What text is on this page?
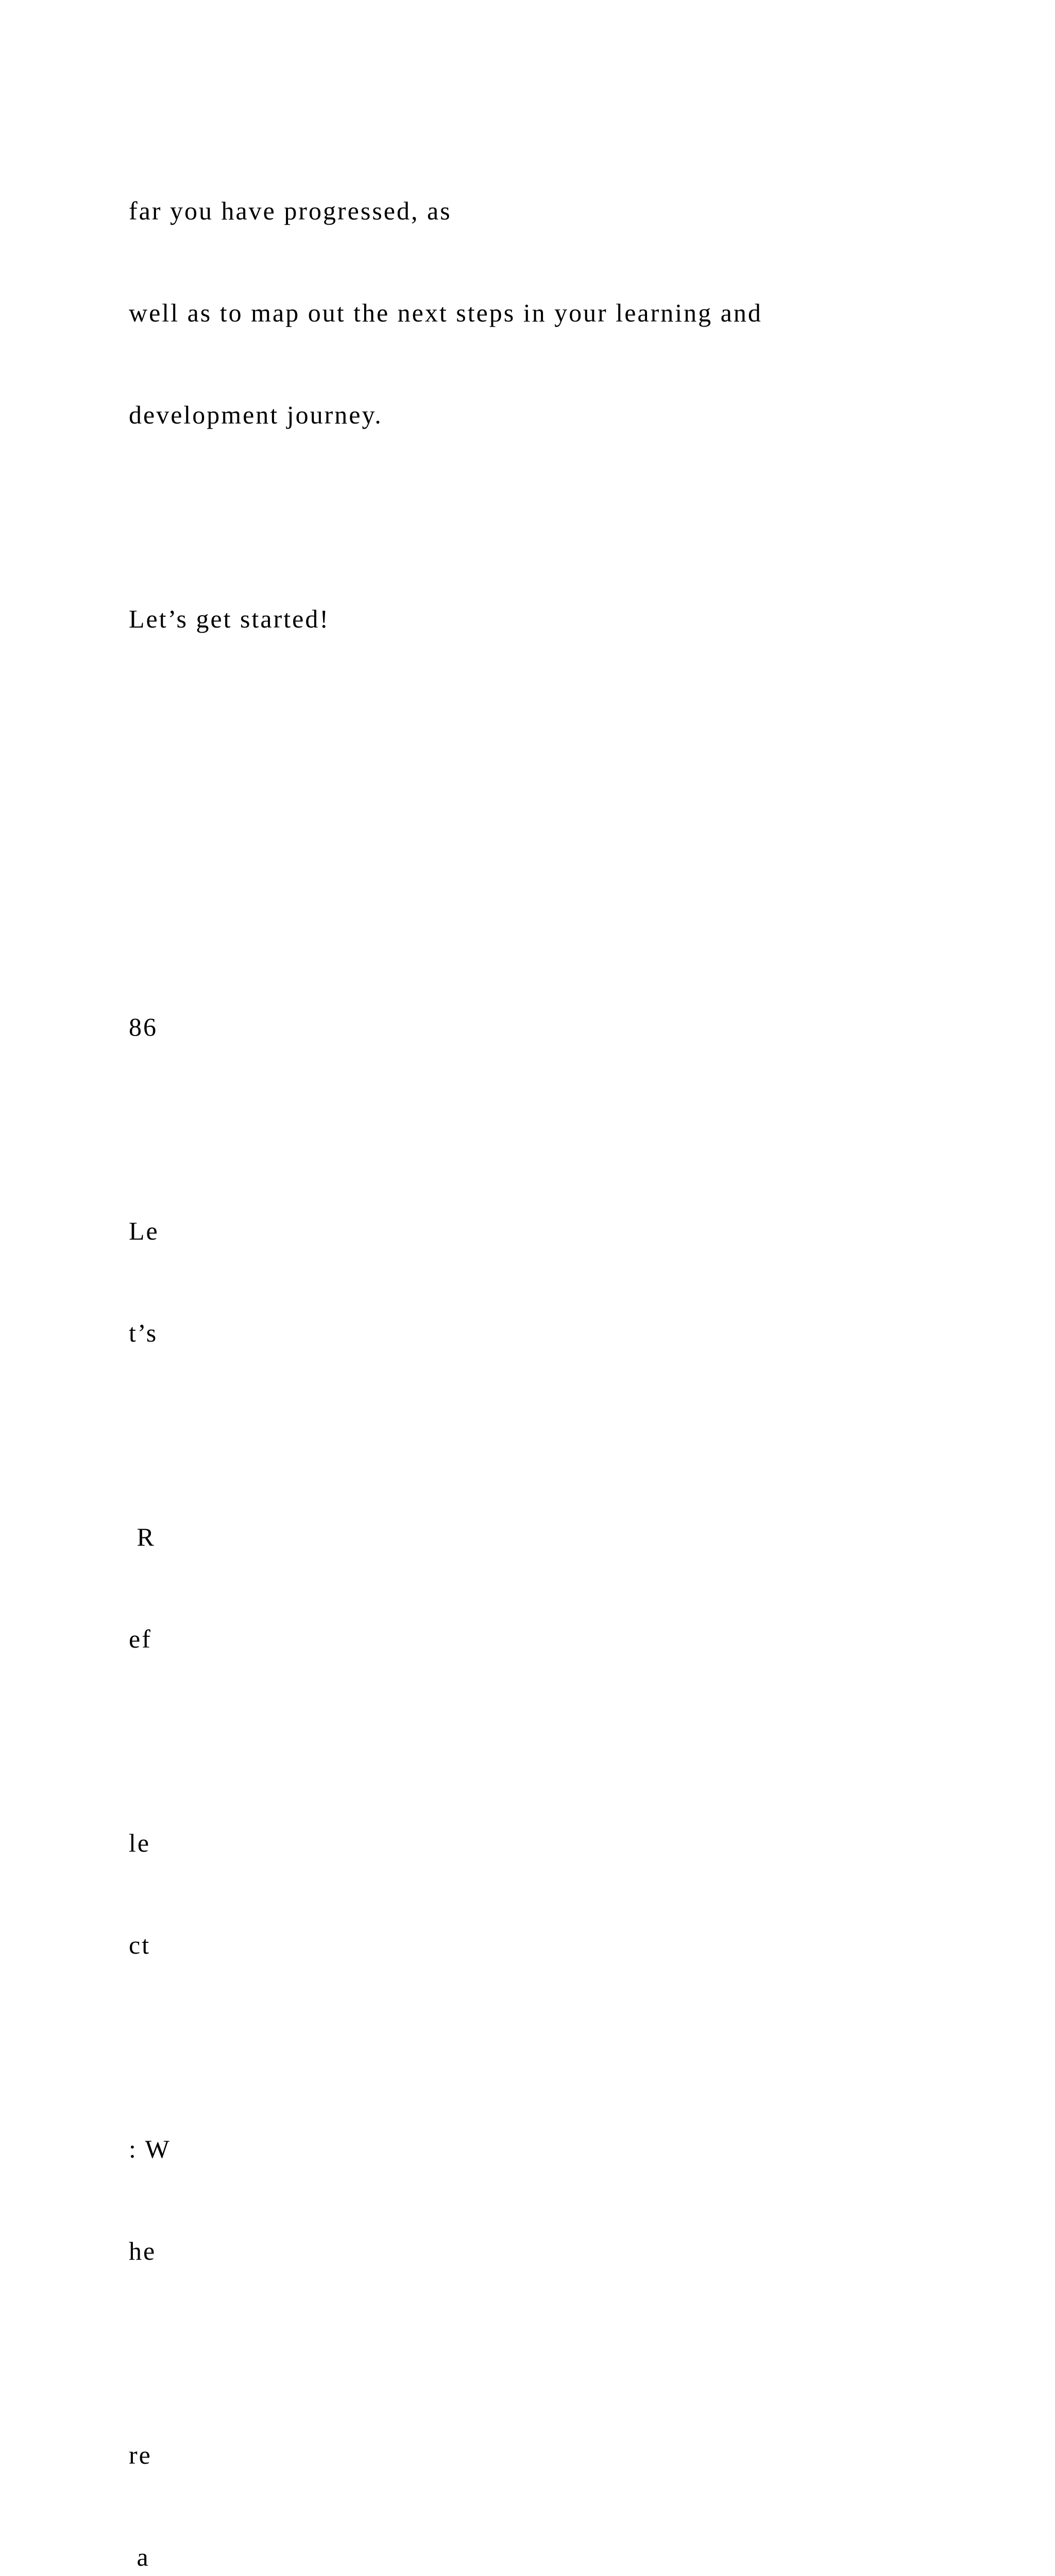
far you have progressed, as

well as to map out the next steps in your learning and

development journey.

Let’s get started!

86

Le

t’s

R

ef

le

ct

: W

he

re

a
